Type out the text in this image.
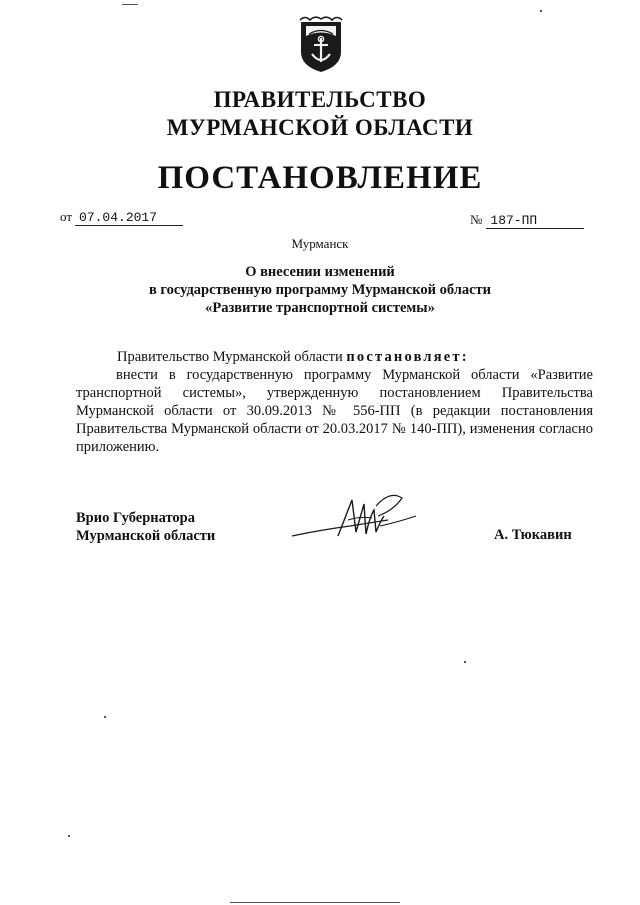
ПРАВИТЕЛЬСТВО
МУРМАНСКОЙ ОБЛАСТИ
ПОСТАНОВЛЕНИЕ
от 07.04.2017	№ 187-ПП
Мурманск
О внесении изменений
в государственную программу Мурманской области
«Развитие транспортной системы»
Правительство Мурманской области постановляет:

внести в государственную программу Мурманской области «Развитие транспортной системы», утвержденную постановлением Правительства Мурманской области от 30.09.2013 № 556-ПП (в редакции постановления Правительства Мурманской области от 20.03.2017 № 140-ПП), изменения согласно приложению.

Врио Губернатора
Мурманской области	А. Тюкавин
